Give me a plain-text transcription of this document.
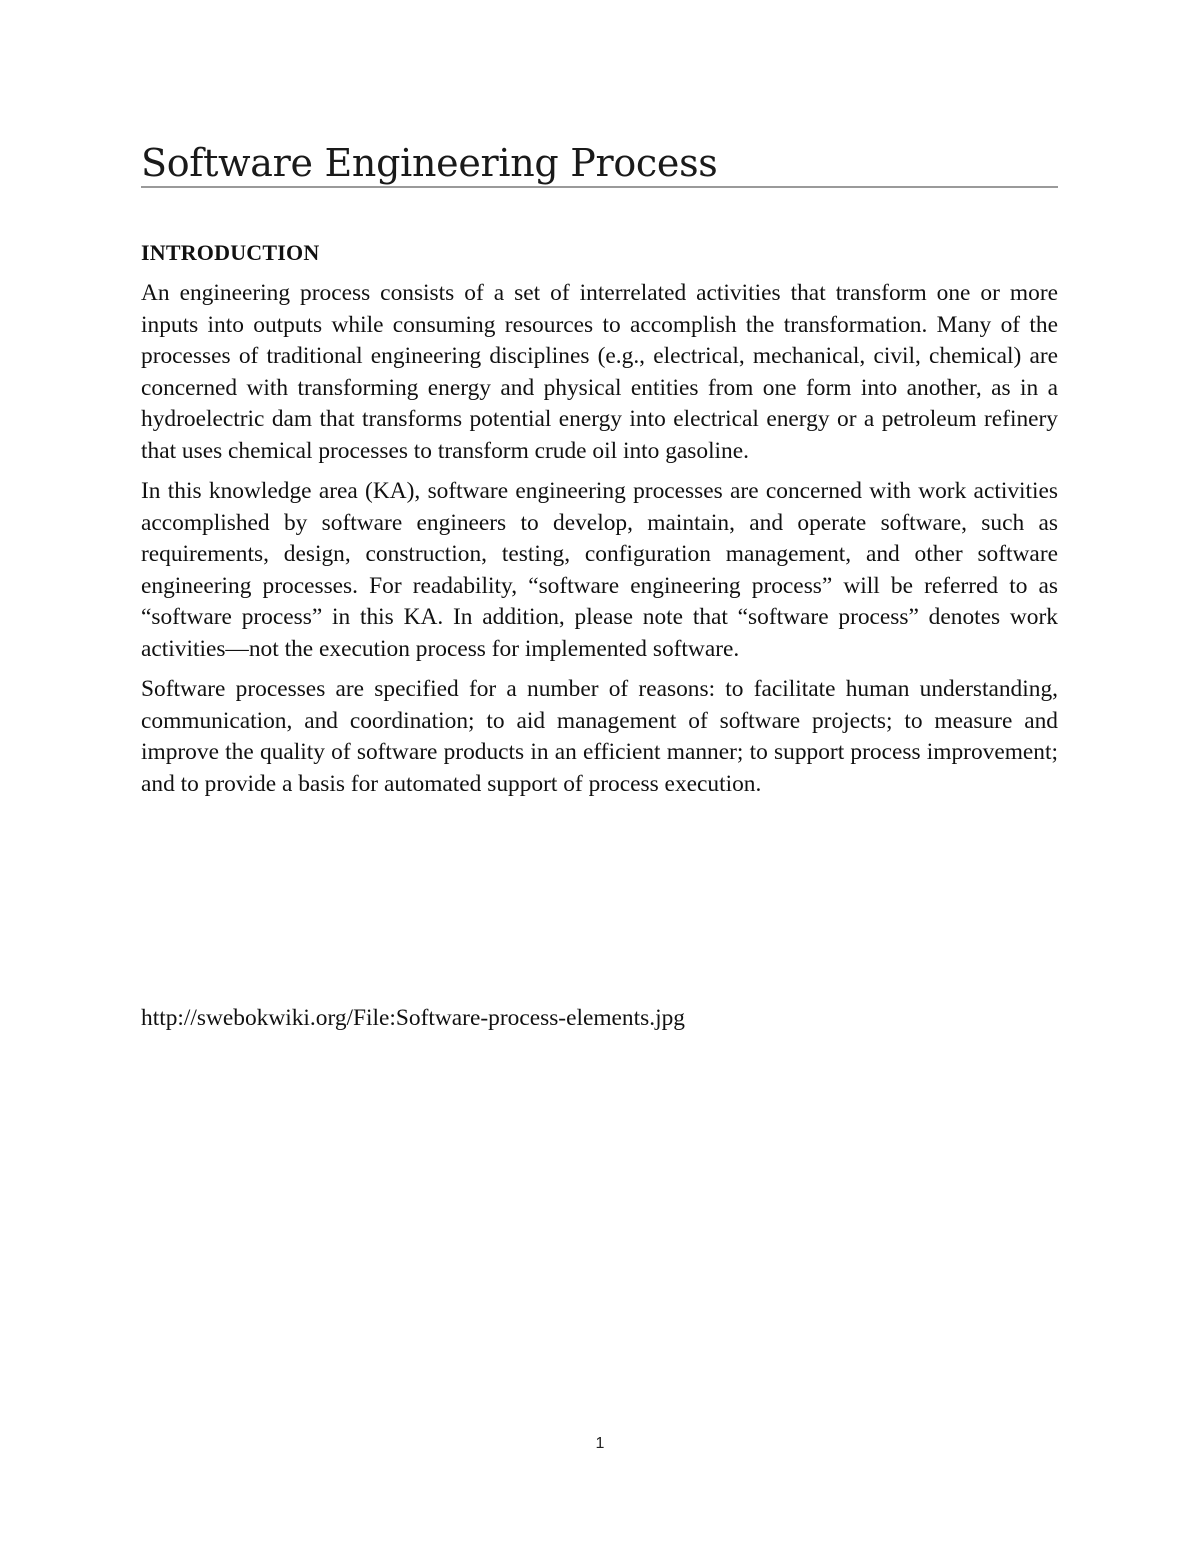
Software Engineering Process
INTRODUCTION

An engineering process consists of a set of interrelated activities that transform one or more inputs into outputs while consuming resources to accomplish the transformation. Many of the processes of traditional engineering disciplines (e.g., electrical, mechanical, civil, chemical) are concerned with transforming energy and physical entities from one form into another, as in a hydroelectric dam that transforms potential energy into electrical energy or a petroleum refinery that uses chemical processes to transform crude oil into gasoline.

In this knowledge area (KA), software engineering processes are concerned with work activities accomplished by software engineers to develop, maintain, and operate software, such as requirements, design, construction, testing, configuration management, and other software engineering processes. For readability, “software engineering process” will be referred to as “software process” in this KA. In addition, please note that “software process” denotes work activities—not the execution process for implemented software.

Software processes are specified for a number of reasons: to facilitate human understanding, communication, and coordination; to aid management of software projects; to measure and improve the quality of software products in an efficient manner; to support process improvement; and to provide a basis for automated support of process execution.

http://swebokwiki.org/File:Software-process-elements.jpg
1
